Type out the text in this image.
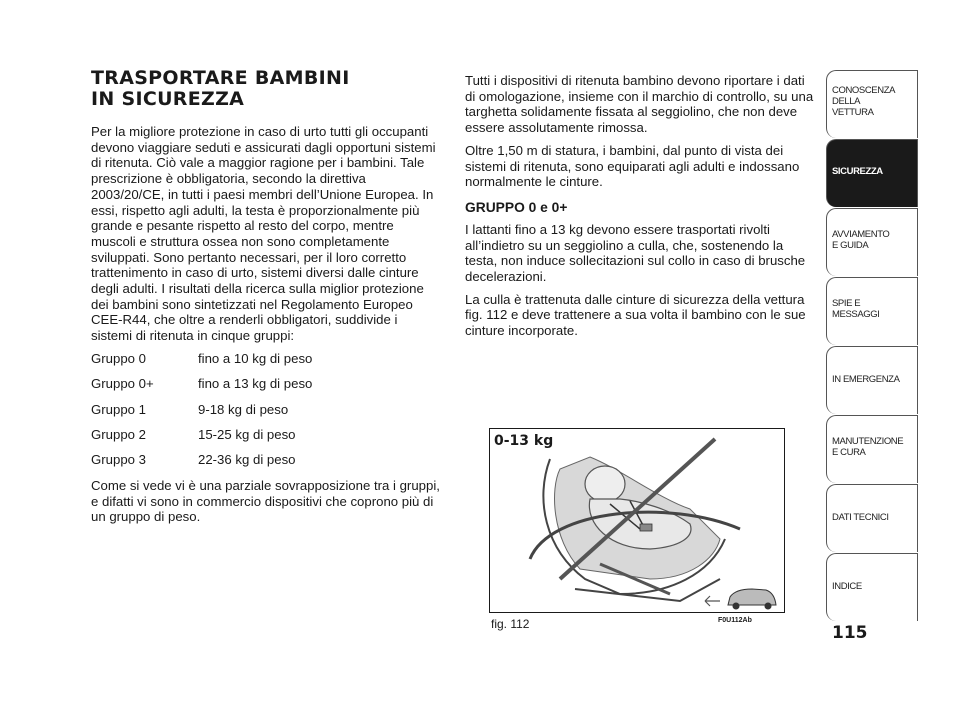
TRASPORTARE BAMBINI
IN SICUREZZA

Per la migliore protezione in caso di urto tutti gli occupanti devono viaggiare seduti e assicurati dagli opportuni sistemi di ritenuta. Ciò vale a maggior ragione per i bambini. Tale prescrizione è obbligatoria, secondo la direttiva 2003/20/CE, in tutti i paesi membri dell’Unione Europea. In essi, rispetto agli adulti, la testa è proporzionalmente più grande e pesante rispetto al resto del corpo, mentre muscoli e struttura ossea non sono completamente sviluppati. Sono pertanto necessari, per il loro corretto trattenimento in caso di urto, sistemi diversi dalle cinture degli adulti. I risultati della ricerca sulla miglior protezione dei bambini sono sintetizzati nel Regolamento Europeo CEE-R44, che oltre a renderli obbligatori, suddivide i sistemi di ritenuta in cinque gruppi:

Gruppo 0	fino a 10 kg di peso
Gruppo 0+	fino a 13 kg di peso
Gruppo 1	9-18 kg di peso
Gruppo 2	15-25 kg di peso
Gruppo 3	22-36 kg di peso

Come si vede vi è una parziale sovrapposizione tra i gruppi, e difatti vi sono in commercio dispositivi che coprono più di un gruppo di peso.

Tutti i dispositivi di ritenuta bambino devono riportare i dati di omologazione, insieme con il marchio di controllo, su una targhetta solidamente fissata al seggiolino, che non deve essere assolutamente rimossa.

Oltre 1,50 m di statura, i bambini, dal punto di vista dei sistemi di ritenuta, sono equiparati agli adulti e indossano normalmente le cinture.

GRUPPO 0 e 0+

I lattanti fino a 13 kg devono essere trasportati rivolti all’indietro su un seggiolino a culla, che, sostenendo la testa, non induce sollecitazioni sul collo in caso di brusche decelerazioni.

La culla è trattenuta dalle cinture di sicurezza della vettura fig. 112 e deve trattenere a sua volta il bambino con le sue cinture incorporate.

0-13 kg
fig. 112	F0U112Ab
CONOSCENZA
DELLA
VETTURA
SICUREZZA
AVVIAMENTO
E GUIDA
SPIE E
MESSAGGI
IN EMERGENZA
MANUTENZIONE
E CURA
DATI TECNICI
INDICE
115
